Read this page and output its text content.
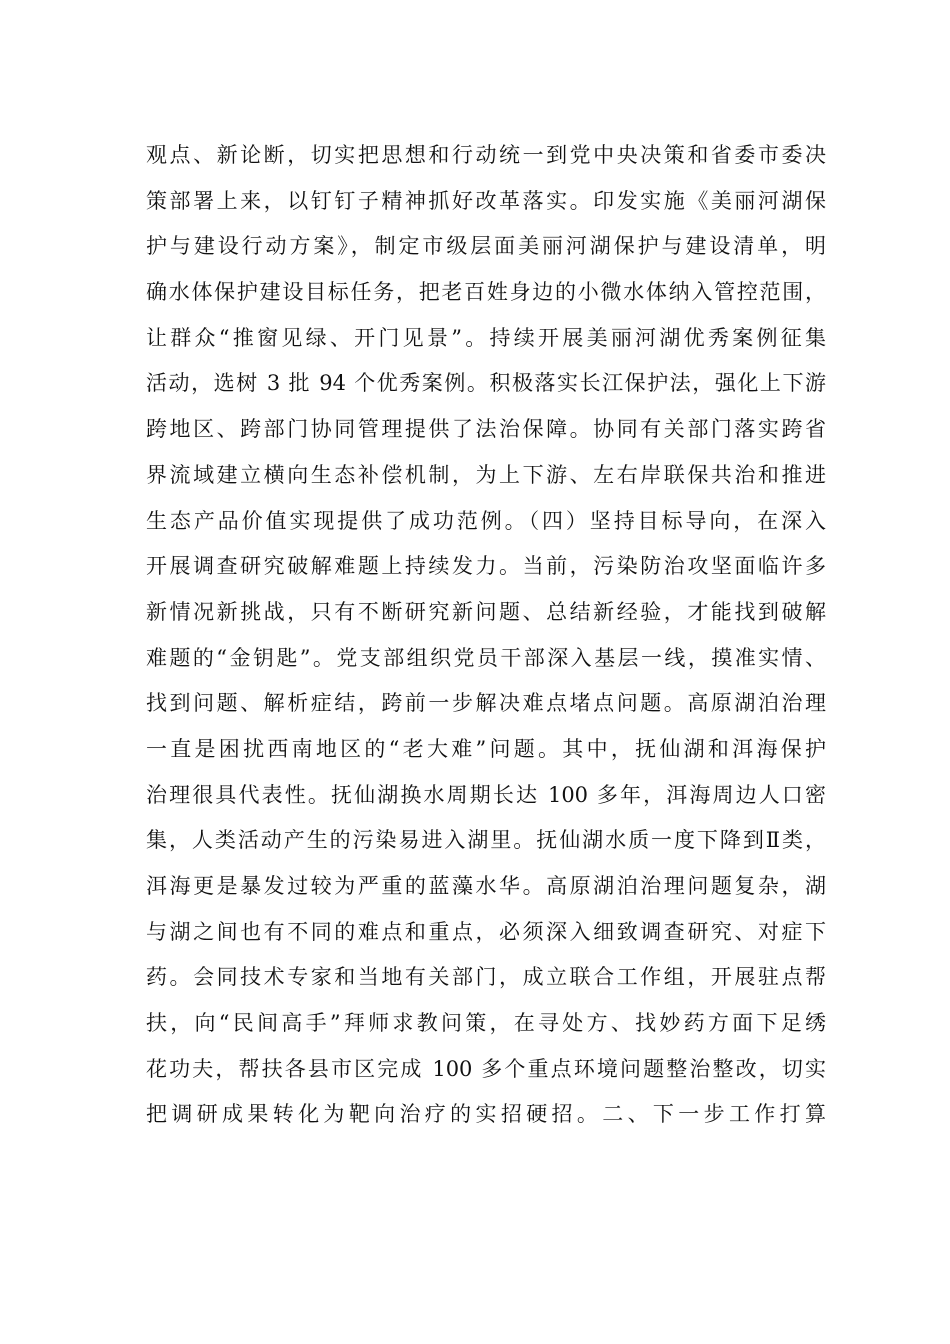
观点、新论断，切实把思想和行动统一到党中央决策和省委市委决
策部署上来，以钉钉子精神抓好改革落实。印发实施《美丽河湖保
护与建设行动方案》，制定市级层面美丽河湖保护与建设清单，明
确水体保护建设目标任务，把老百姓身边的小微水体纳入管控范围，
让群众“推窗见绿、开门见景”。持续开展美丽河湖优秀案例征集
活动，选树 3 批 94 个优秀案例。积极落实长江保护法，强化上下游
跨地区、跨部门协同管理提供了法治保障。协同有关部门落实跨省
界流域建立横向生态补偿机制，为上下游、左右岸联保共治和推进
生态产品价值实现提供了成功范例。（四）坚持目标导向，在深入
开展调查研究破解难题上持续发力。当前，污染防治攻坚面临许多
新情况新挑战，只有不断研究新问题、总结新经验，才能找到破解
难题的“金钥匙”。党支部组织党员干部深入基层一线，摸准实情、
找到问题、解析症结，跨前一步解决难点堵点问题。高原湖泊治理
一直是困扰西南地区的“老大难”问题。其中，抚仙湖和洱海保护
治理很具代表性。抚仙湖换水周期长达 100 多年，洱海周边人口密
集，人类活动产生的污染易进入湖里。抚仙湖水质一度下降到Ⅱ类，
洱海更是暴发过较为严重的蓝藻水华。高原湖泊治理问题复杂，湖
与湖之间也有不同的难点和重点，必须深入细致调查研究、对症下
药。会同技术专家和当地有关部门，成立联合工作组，开展驻点帮
扶，向“民间高手”拜师求教问策，在寻处方、找妙药方面下足绣
花功夫，帮扶各县市区完成 100 多个重点环境问题整治整改，切实
把调研成果转化为靶向治疗的实招硬招。二、下一步工作打算
